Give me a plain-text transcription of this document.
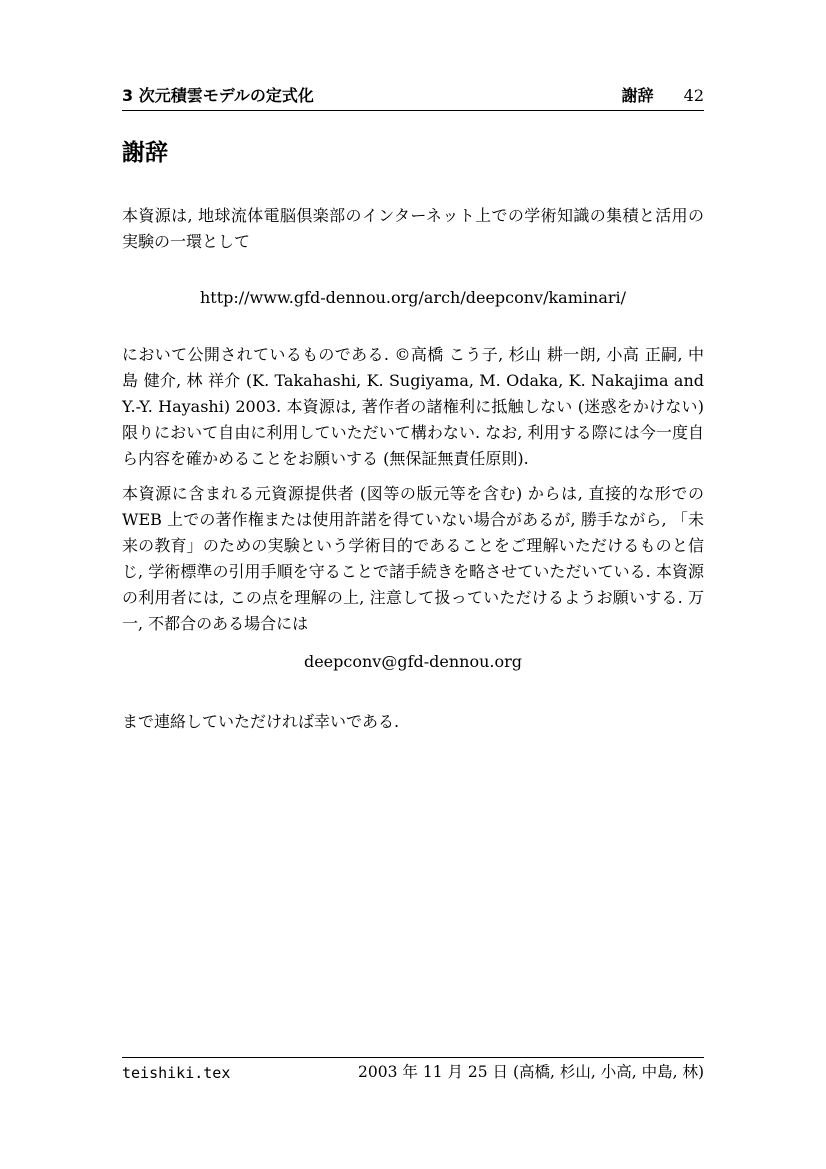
3 次元積雲モデルの定式化	謝辞 42
謝辞

本資源は, 地球流体電脳倶楽部のインターネット上での学術知識の集積と活用の実験の一環として

http://www.gfd-dennou.org/arch/deepconv/kaminari/

において公開されているものである. ©高橋 こう子, 杉山 耕一朗, 小高 正嗣, 中島 健介, 林 祥介 (K. Takahashi, K. Sugiyama, M. Odaka, K. Nakajima and Y.-Y. Hayashi) 2003. 本資源は, 著作者の諸権利に抵触しない (迷惑をかけない) 限りにおいて自由に利用していただいて構わない. なお, 利用する際には今一度自ら内容を確かめることをお願いする (無保証無責任原則).

本資源に含まれる元資源提供者 (図等の版元等を含む) からは, 直接的な形での WEB 上での著作権または使用許諾を得ていない場合があるが, 勝手ながら, 「未来の教育」のための実験という学術目的であることをご理解いただけるものと信じ, 学術標準の引用手順を守ることで諸手続きを略させていただいている. 本資源の利用者には, この点を理解の上, 注意して扱っていただけるようお願いする. 万一, 不都合のある場合には

deepconv@gfd-dennou.org

まで連絡していただければ幸いである.

teishiki.tex	2003 年 11 月 25 日 (高橋, 杉山, 小高, 中島, 林)
